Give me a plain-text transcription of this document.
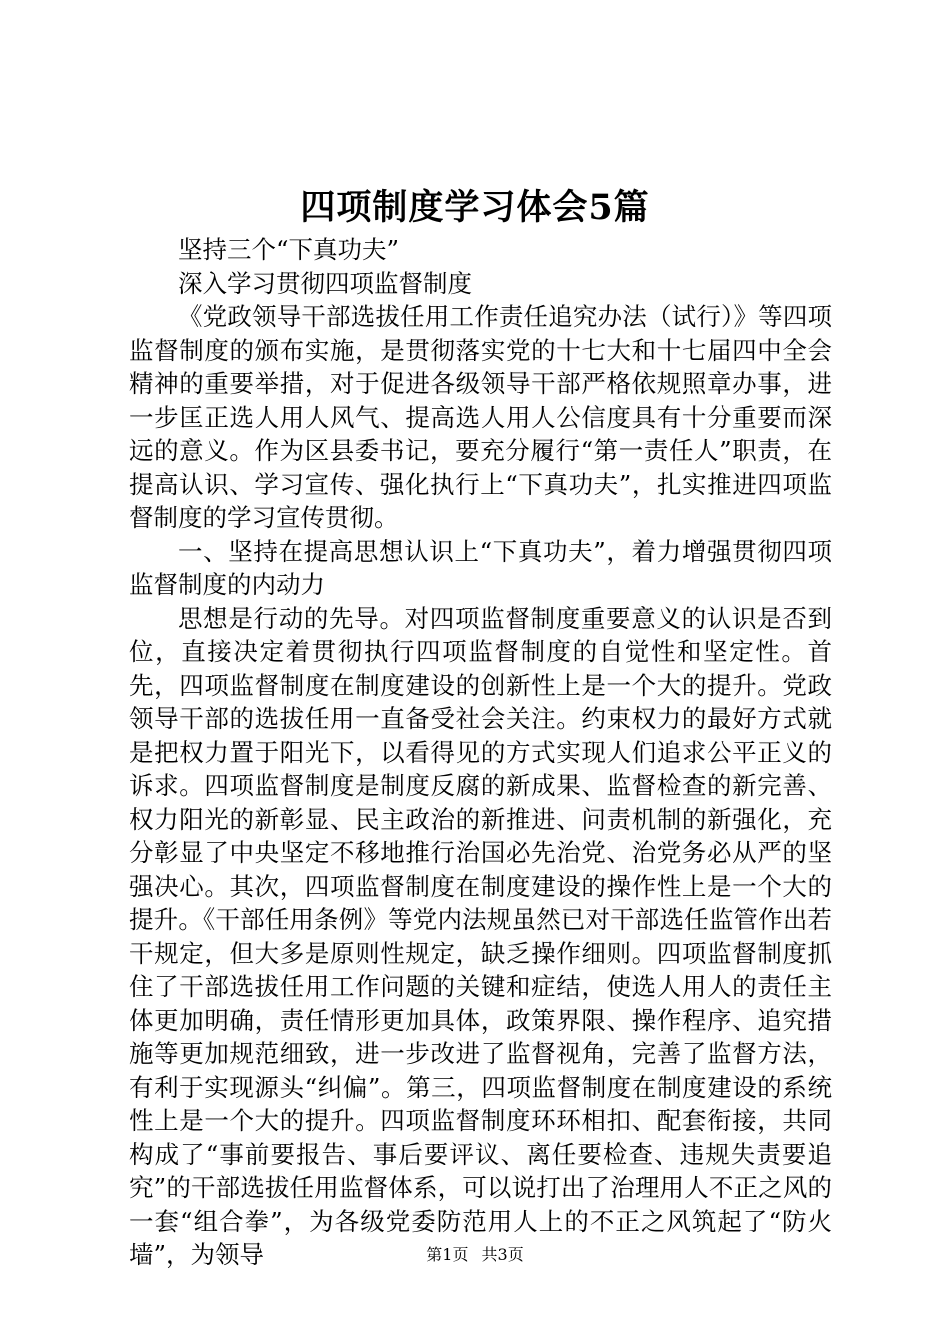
四项制度学习体会5篇

坚持三个“下真功夫”

深入学习贯彻四项监督制度

《党政领导干部选拔任用工作责任追究办法（试行）》等四项监督制度的颁布实施，是贯彻落实党的十七大和十七届四中全会精神的重要举措，对于促进各级领导干部严格依规照章办事，进一步匡正选人用人风气、提高选人用人公信度具有十分重要而深远的意义。作为区县委书记，要充分履行“第一责任人”职责，在提高认识、学习宣传、强化执行上“下真功夫”，扎实推进四项监督制度的学习宣传贯彻。

一、坚持在提高思想认识上“下真功夫”，着力增强贯彻四项监督制度的内动力

思想是行动的先导。对四项监督制度重要意义的认识是否到位，直接决定着贯彻执行四项监督制度的自觉性和坚定性。首先，四项监督制度在制度建设的创新性上是一个大的提升。党政领导干部的选拔任用一直备受社会关注。约束权力的最好方式就是把权力置于阳光下，以看得见的方式实现人们追求公平正义的诉求。四项监督制度是制度反腐的新成果、监督检查的新完善、权力阳光的新彰显、民主政治的新推进、问责机制的新强化，充分彰显了中央坚定不移地推行治国必先治党、治党务必从严的坚强决心。其次，四项监督制度在制度建设的操作性上是一个大的提升。《干部任用条例》等党内法规虽然已对干部选任监管作出若干规定，但大多是原则性规定，缺乏操作细则。四项监督制度抓住了干部选拔任用工作问题的关键和症结，使选人用人的责任主体更加明确，责任情形更加具体，政策界限、操作程序、追究措施等更加规范细致，进一步改进了监督视角，完善了监督方法，有利于实现源头“纠偏”。第三，四项监督制度在制度建设的系统性上是一个大的提升。四项监督制度环环相扣、配套衔接，共同构成了“事前要报告、事后要评议、离任要检查、违规失责要追究”的干部选拔任用监督体系，可以说打出了治理用人不正之风的一套“组合拳”，为各级党委防范用人上的不正之风筑起了“防火墙”，为领导	第1页 共3页
